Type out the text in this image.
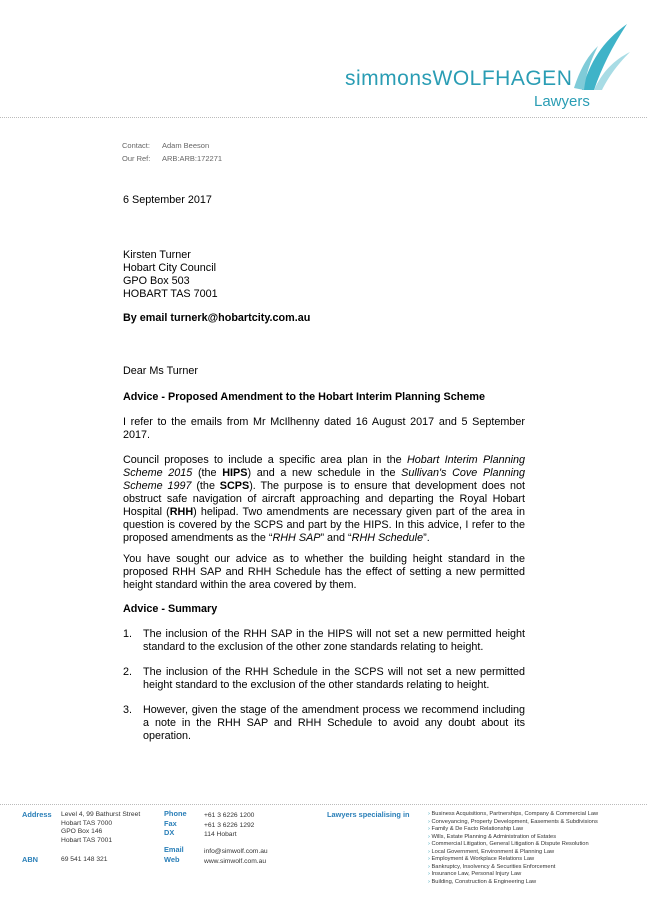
simmonsWOLFHAGEN
Lawyers
Contact: Adam Beeson
Our Ref: ARB:ARB:172271
6 September 2017
Kirsten Turner
Hobart City Council
GPO Box 503
HOBART TAS 7001
By email turnerk@hobartcity.com.au
Dear Ms Turner
Advice - Proposed Amendment to the Hobart Interim Planning Scheme
I refer to the emails from Mr McIlhenny dated 16 August 2017 and 5 September 2017.
Council proposes to include a specific area plan in the Hobart Interim Planning Scheme 2015 (the HIPS) and a new schedule in the Sullivan's Cove Planning Scheme 1997 (the SCPS). The purpose is to ensure that development does not obstruct safe navigation of aircraft approaching and departing the Royal Hobart Hospital (RHH) helipad. Two amendments are necessary given part of the area in question is covered by the SCPS and part by the HIPS. In this advice, I refer to the proposed amendments as the “RHH SAP” and “RHH Schedule”.
You have sought our advice as to whether the building height standard in the proposed RHH SAP and RHH Schedule has the effect of setting a new permitted height standard within the area covered by them.
Advice - Summary
1. The inclusion of the RHH SAP in the HIPS will not set a new permitted height standard to the exclusion of the other zone standards relating to height.
2. The inclusion of the RHH Schedule in the SCPS will not set a new permitted height standard to the exclusion of the other standards relating to height.
3. However, given the stage of the amendment process we recommend including a note in the RHH SAP and RHH Schedule to avoid any doubt about its operation.
Address Level 4, 99 Bathurst Street
Hobart TAS 7000
GPO Box 146
Hobart TAS 7001
ABN	69 541 148 321
Phone
Fax
DX
+61 3 6226 1200
+61 3 6226 1292
114 Hobart
Email
Web
info@simwolf.com.au
www.simwolf.com.au
Lawyers specialising in	› Business Acquisitions, Partnerships, Company & Commercial Law
› Conveyancing, Property Development, Easements & Subdivisions
› Family & De Facto Relationship Law
› Wills, Estate Planning & Administration of Estates
› Commercial Litigation, General Litigation & Dispute Resolution
› Local Government, Environment & Planning Law
› Employment & Workplace Relations Law
› Bankruptcy, Insolvency & Securities Enforcement
› Insurance Law, Personal Injury Law
› Building, Construction & Engineering Law
